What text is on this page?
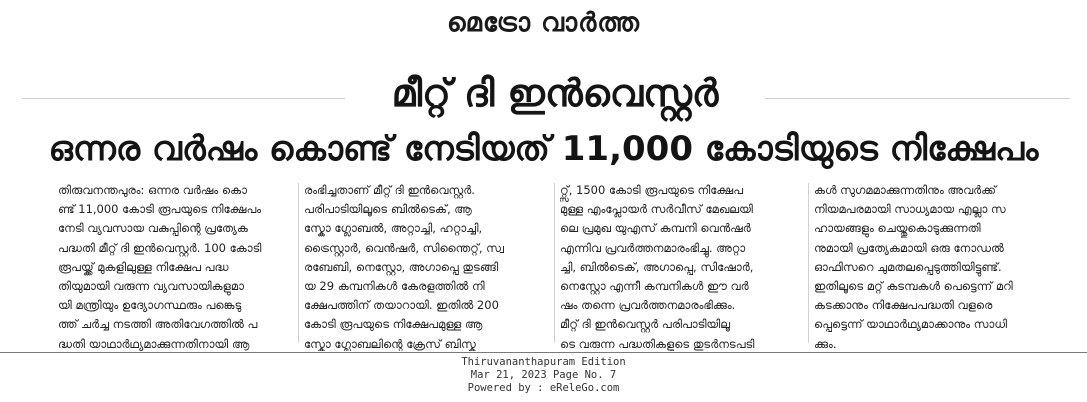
മെട്രോ വാർത്ത
മീറ്റ് ദി ഇൻവെസ്റ്റർ
ഒന്നര വർഷം കൊണ്ട് നേടിയത് 11,000 കോടിയുടെ നിക്ഷേപം

തിരുവനന്തപുരം: ഒന്നര വർഷം കൊ

ണ്ട് 11,000 കോടി രൂപയുടെ നിക്ഷേപം

നേടി വ്യവസായ വകുപ്പിന്റെ പ്രത്യേക

പദ്ധതി മീറ്റ് ദി ഇൻവെസ്റ്റർ. 100 കോടി

രൂപയ്ക്ക് മുകളിലുള്ള നിക്ഷേപ പദ്ധ

തിയുമായി വരുന്ന വ്യവസായികളുമാ

യി മന്ത്രിയും ഉദ്യോഗസ്ഥരും പങ്കെടു

ത്ത് ചർച്ച നടത്തി അതിവേഗത്തിൽ പ

ദ്ധതി യാഥാർഥ്യമാക്കുന്നതിനായി ആ

രംഭിച്ചതാണ് മീറ്റ് ദി ഇൻവെസ്റ്റർ.

പരിപാടിയിലൂടെ ബിൽടെക്, ആ

സ്കോ ഗ്ലോബൽ, അറ്റാച്ചി, ഹറ്റാച്ചി,

ട്രൈസ്റ്റാർ, വെൻഷർ, സിന്തൈറ്റ്, സ്വ

രബേബി, നെസ്റ്റോ, അഗാപ്പെ തുടങ്ങി

യ 29 കമ്പനികൾ കേരളത്തിൽ നി

ക്ഷേപത്തിന് തയാറായി. ഇതിൽ 200

കോടി രൂപയുടെ നിക്ഷേപമുള്ള ആ

സ്കോ ഗ്ലോബലിന്റെ ക്രേസ് ബിസ്ക

റ്റ്സ്, 1500 കോടി രൂപയുടെ നിക്ഷേപ

മുള്ള എംപ്ലോയർ സർവീസ് മേഖലയി

ലെ പ്രമുഖ യുഎസ് കമ്പനി വെൻഷർ

എന്നിവ പ്രവർത്തനമാരംഭിച്ചു. അറ്റാ

ച്ചി, ബിൽടെക്, അഗാപ്പെ, സിഷോർ,

നെസ്റ്റോ എന്നീ കമ്പനികൾ ഈ വർ

ഷം തന്നെ പ്രവർത്തനമാരംഭിക്കും.

മീറ്റ് ദി ഇൻവെസ്റ്റർ പരിപാടിയിലൂ

ടെ വരുന്ന പദ്ധതികളുടെ തുടർനടപടി

കൾ സുഗമമാക്കുന്നതിനും അവർക്ക്

നിയമപരമായി സാധ്യമായ എല്ലാ സ

ഹായങ്ങളും ചെയ്തുകൊടുക്കുന്നതി

നുമായി പ്രത്യേകമായി ഒരു നോഡൽ

ഓഫിസറെ ചുമതലപ്പെടുത്തിയിട്ടുണ്ട്.

ഇതിലൂടെ മറ്റ് കടമ്പകൾ പെട്ടെന്ന് മറി

കടക്കാനും നിക്ഷേപപദ്ധതി വളരെ

പ്പെട്ടെന്ന് യാഥാർഥ്യമാക്കാനും സാധി

ക്കും.

Thiruvananthapuram Edition
Mar 21, 2023 Page No. 7
Powered by : eReleGo.com
